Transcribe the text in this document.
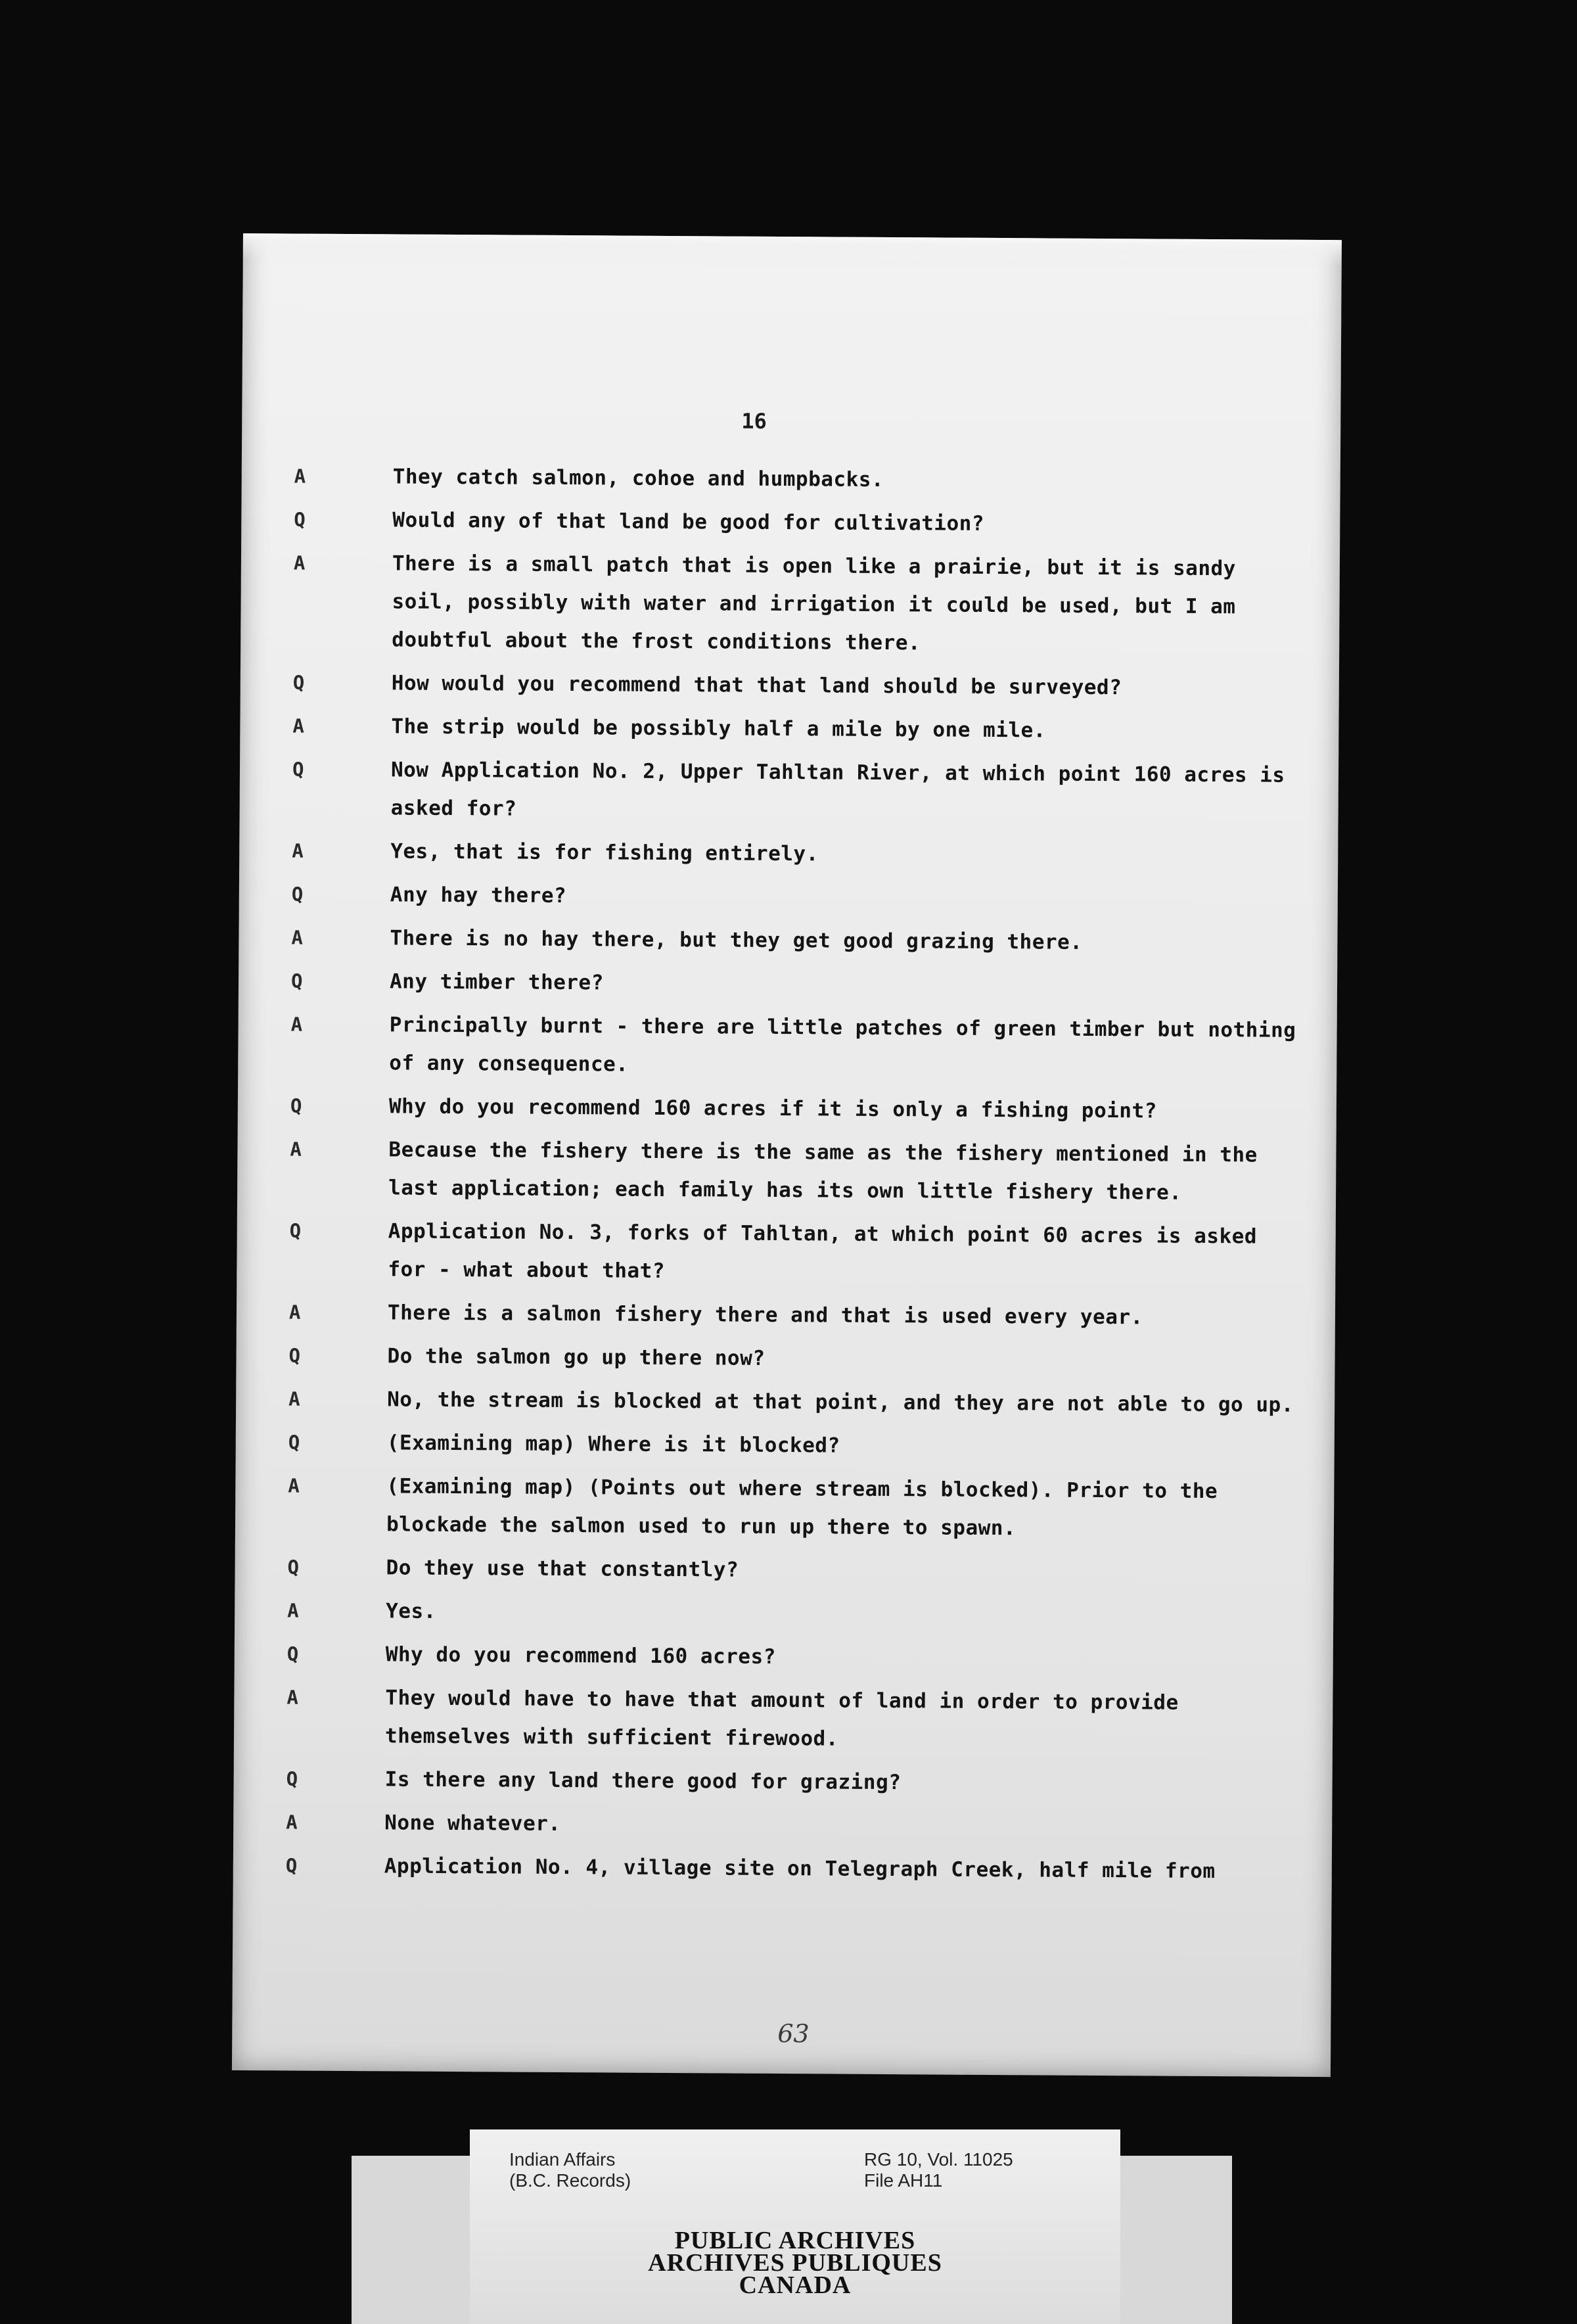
16
A	They catch salmon, cohoe and humpbacks.
Q	Would any of that land be good for cultivation?
A	There is a small patch that is open like a prairie, but it is sandy soil, possibly with water and irrigation it could be used, but I am doubtful about the frost conditions there.
Q	How would you recommend that that land should be surveyed?
A	The strip would be possibly half a mile by one mile.
Q	Now Application No. 2, Upper Tahltan River, at which point 160 acres is asked for?
A	Yes, that is for fishing entirely.
Q	Any hay there?
A	There is no hay there, but they get good grazing there.
Q	Any timber there?
A	Principally burnt - there are little patches of green timber but nothing of any consequence.
Q	Why do you recommend 160 acres if it is only a fishing point?
A	Because the fishery there is the same as the fishery mentioned in the last application; each family has its own little fishery there.
Q	Application No. 3, forks of Tahltan, at which point 60 acres is asked for - what about that?
A	There is a salmon fishery there and that is used every year.
Q	Do the salmon go up there now?
A	No, the stream is blocked at that point, and they are not able to go up.
Q	(Examining map) Where is it blocked?
A	(Examining map) (Points out where stream is blocked). Prior to the blockade the salmon used to run up there to spawn.
Q	Do they use that constantly?
A	Yes.
Q	Why do you recommend 160 acres?
A	They would have to have that amount of land in order to provide themselves with sufficient firewood.
Q	Is there any land there good for grazing?
A	None whatever.
Q	Application No. 4, village site on Telegraph Creek, half mile from
63
Indian Affairs
(B.C. Records)
RG 10, Vol. 11025
File AH11
PUBLIC ARCHIVES
ARCHIVES PUBLIQUES
CANADA
